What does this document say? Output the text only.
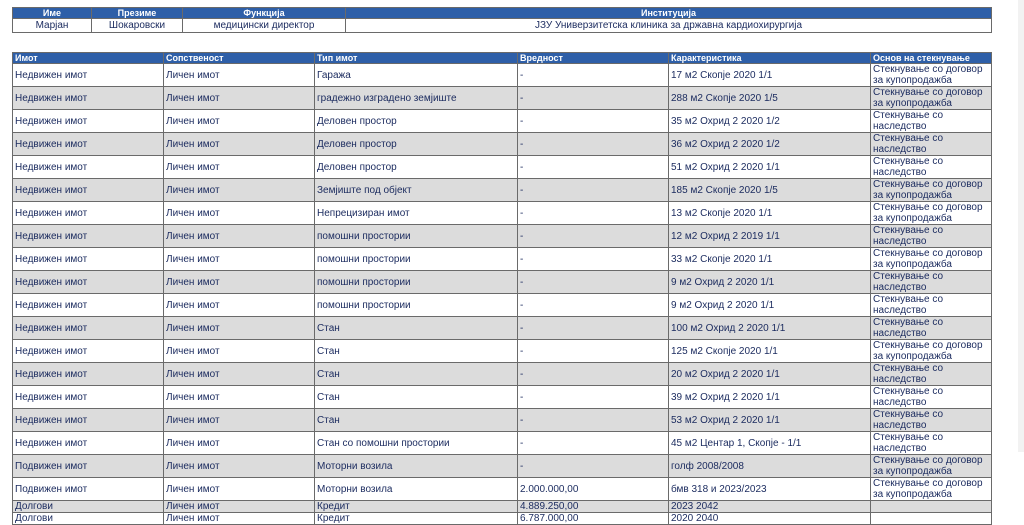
Име	Презиме	Функција	Институција
Марјан	Шокаровски	медицински директор	ЈЗУ Универзитетска клиника за државна кардиохирургија
Имот	Сопственост	Тип имот	Вредност	Карактеристика	Основ на стекнување
Недвижен имот	Личен имот	Гаража	-	17 м2 Скопје 2020 1/1	Стекнување со договор за купопродажба
Недвижен имот	Личен имот	градежно изградено земјиште	-	288 м2 Скопје 2020 1/5	Стекнување со договор за купопродажба
Недвижен имот	Личен имот	Деловен простор	-	35 м2 Охрид 2 2020 1/2	Стекнување со наследство
Недвижен имот	Личен имот	Деловен простор	-	36 м2 Охрид 2 2020 1/2	Стекнување со наследство
Недвижен имот	Личен имот	Деловен простор	-	51 м2 Охрид 2 2020 1/1	Стекнување со наследство
Недвижен имот	Личен имот	Земјиште под објект	-	185 м2 Скопје 2020 1/5	Стекнување со договор за купопродажба
Недвижен имот	Личен имот	Непрецизиран имот	-	13 м2 Скопје 2020 1/1	Стекнување со договор за купопродажба
Недвижен имот	Личен имот	помошни простории	-	12 м2 Охрид 2 2019 1/1	Стекнување со наследство
Недвижен имот	Личен имот	помошни простории	-	33 м2 Скопје 2020 1/1	Стекнување со договор за купопродажба
Недвижен имот	Личен имот	помошни простории	-	9 м2 Охрид 2 2020 1/1	Стекнување со наследство
Недвижен имот	Личен имот	помошни простории	-	9 м2 Охрид 2 2020 1/1	Стекнување со наследство
Недвижен имот	Личен имот	Стан	-	100 м2 Охрид 2 2020 1/1	Стекнување со наследство
Недвижен имот	Личен имот	Стан	-	125 м2 Скопје 2020 1/1	Стекнување со договор за купопродажба
Недвижен имот	Личен имот	Стан	-	20 м2 Охрид 2 2020 1/1	Стекнување со наследство
Недвижен имот	Личен имот	Стан	-	39 м2 Охрид 2 2020 1/1	Стекнување со наследство
Недвижен имот	Личен имот	Стан	-	53 м2 Охрид 2 2020 1/1	Стекнување со наследство
Недвижен имот	Личен имот	Стан со помошни простории	-	45 м2 Центар 1, Скопје - 1/1	Стекнување со наследство
Подвижен имот	Личен имот	Моторни возила	-	голф 2008/2008	Стекнување со договор за купопродажба
Подвижен имот	Личен имот	Моторни возила	2.000.000,00	бмв 318 и 2023/2023	Стекнување со договор за купопродажба
Долгови	Личен имот	Кредит	4.889.250,00	2023 2042	
Долгови	Личен имот	Кредит	6.787.000,00	2020 2040	
